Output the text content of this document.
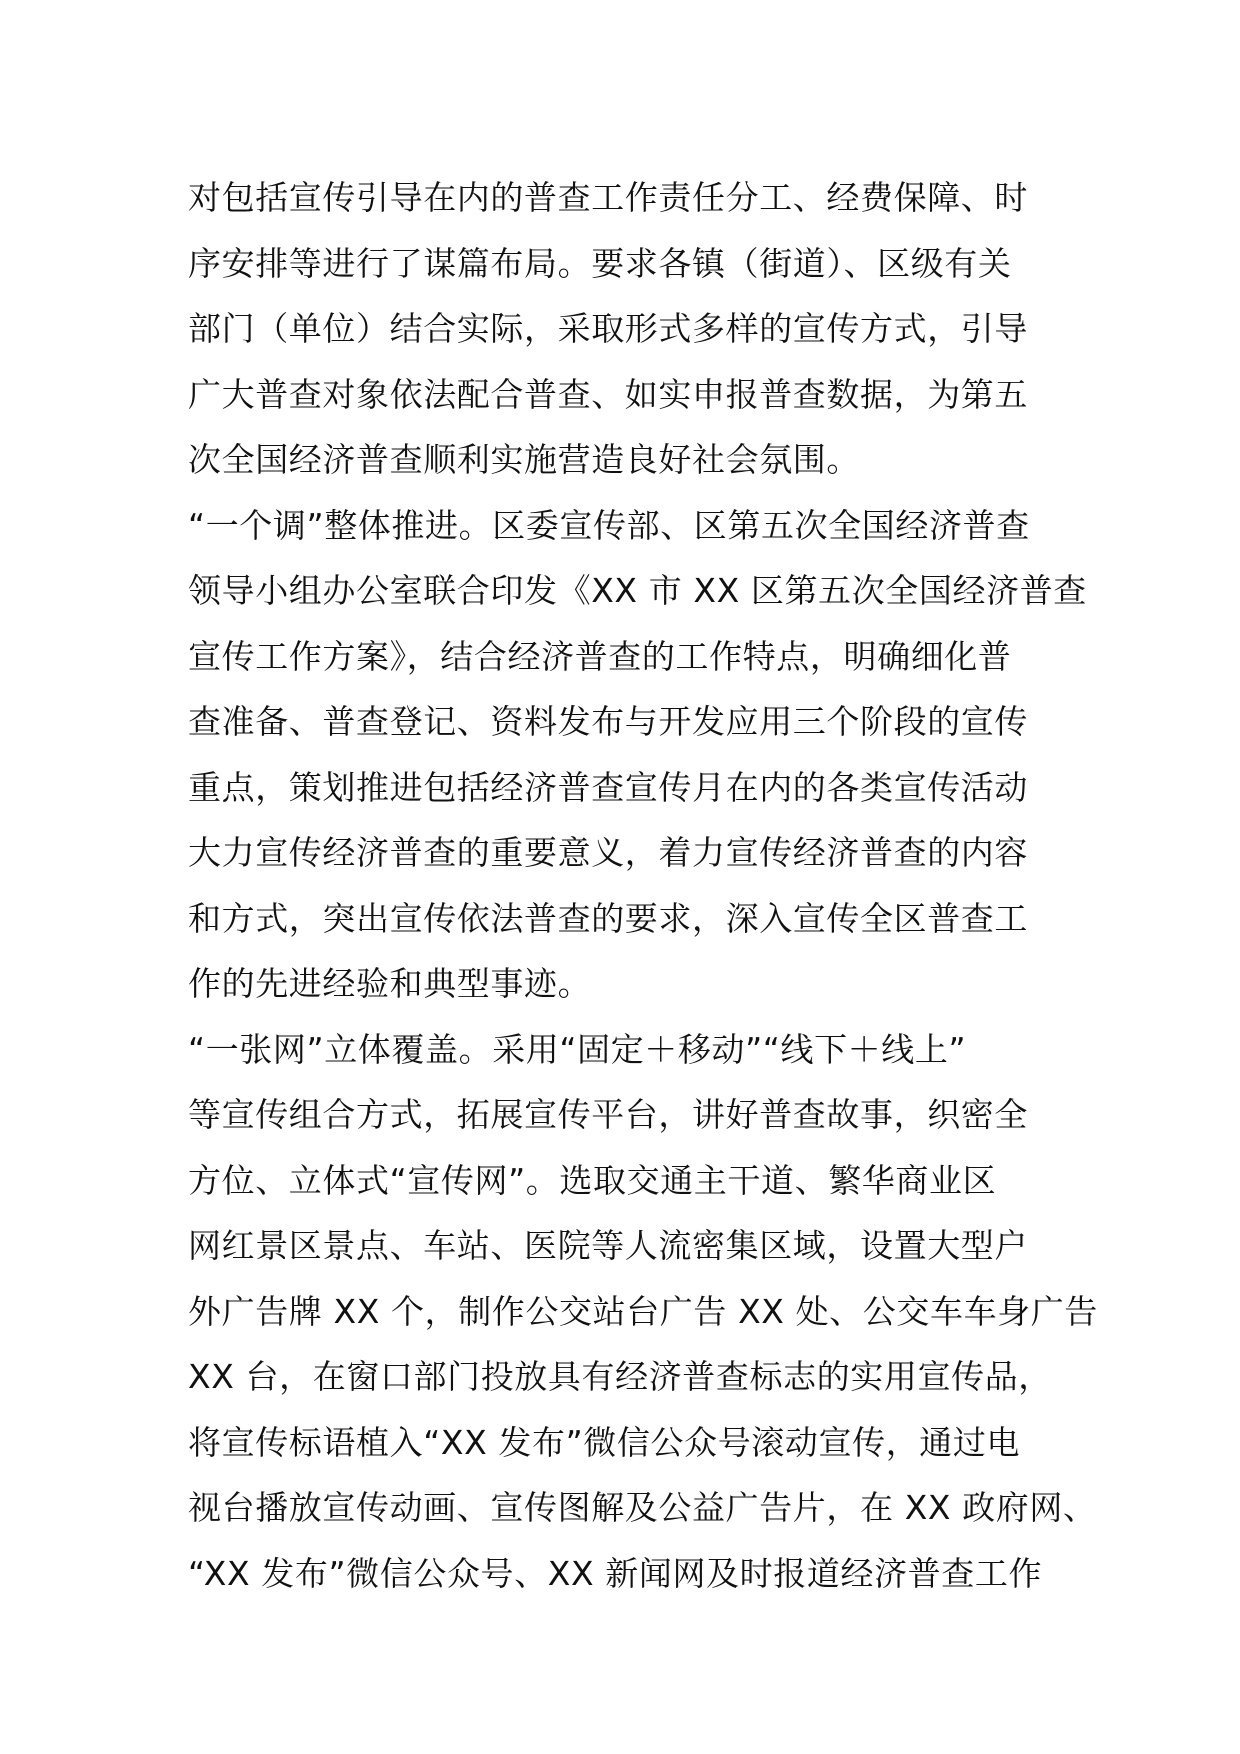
对包括宣传引导在内的普查工作责任分工、经费保障、时
序安排等进行了谋篇布局。要求各镇（街道）、区级有关
部门（单位）结合实际，采取形式多样的宣传方式，引导
广大普查对象依法配合普查、如实申报普查数据，为第五
次全国经济普查顺利实施营造良好社会氛围。
“一个调”整体推进。区委宣传部、区第五次全国经济普查
领导小组办公室联合印发《XX 市 XX 区第五次全国经济普查
宣传工作方案》，结合经济普查的工作特点，明确细化普
查准备、普查登记、资料发布与开发应用三个阶段的宣传
重点，策划推进包括经济普查宣传月在内的各类宣传活动
大力宣传经济普查的重要意义，着力宣传经济普查的内容
和方式，突出宣传依法普查的要求，深入宣传全区普查工
作的先进经验和典型事迹。
“一张网”立体覆盖。采用“固定＋移动”“线下＋线上”
等宣传组合方式，拓展宣传平台，讲好普查故事，织密全
方位、立体式“宣传网”。选取交通主干道、繁华商业区
网红景区景点、车站、医院等人流密集区域，设置大型户
外广告牌 XX 个，制作公交站台广告 XX 处、公交车车身广告
XX 台，在窗口部门投放具有经济普查标志的实用宣传品，
将宣传标语植入“XX 发布”微信公众号滚动宣传，通过电
视台播放宣传动画、宣传图解及公益广告片，在 XX 政府网、
“XX 发布”微信公众号、XX 新闻网及时报道经济普查工作
